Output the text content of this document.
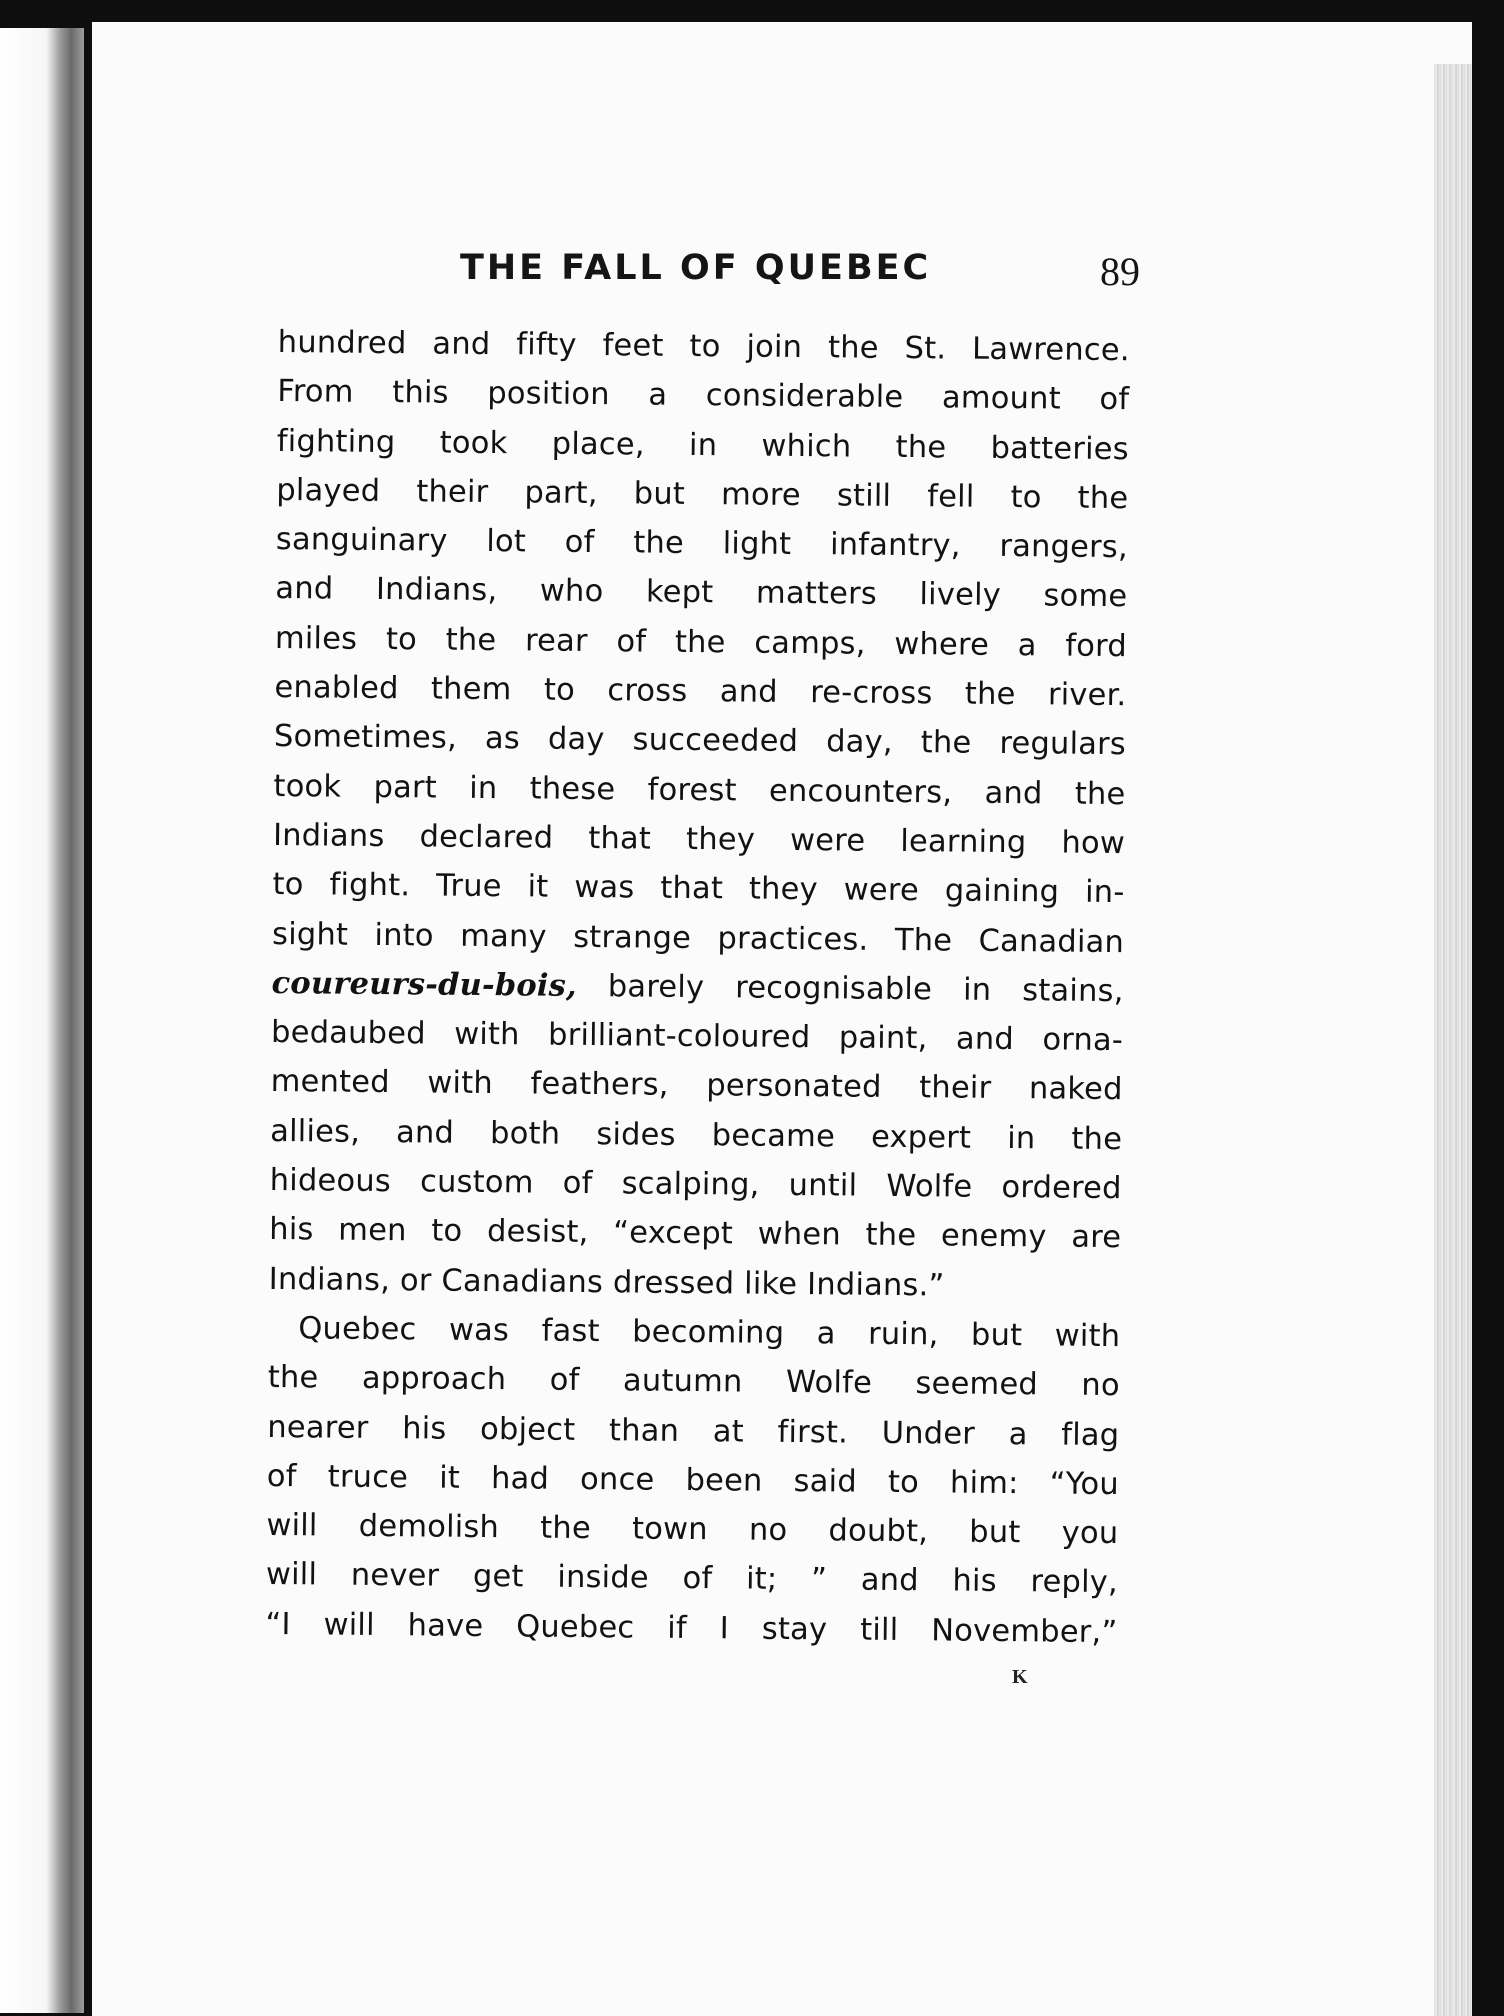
THE FALL OF QUEBEC	89
hundred and fifty feet to join the St. Lawrence.
From this position a considerable amount of
fighting took place, in which the batteries
played their part, but more still fell to the
sanguinary lot of the light infantry, rangers,
and Indians, who kept matters lively some
miles to the rear of the camps, where a ford
enabled them to cross and re-cross the river.
Sometimes, as day succeeded day, the regulars
took part in these forest encounters, and the
Indians declared that they were learning how
to fight. True it was that they were gaining in-
sight into many strange practices. The Canadian
coureurs-du-bois, barely recognisable in stains,
bedaubed with brilliant-coloured paint, and orna-
mented with feathers, personated their naked
allies, and both sides became expert in the
hideous custom of scalping, until Wolfe ordered
his men to desist, “except when the enemy are
Indians, or Canadians dressed like Indians.”
Quebec was fast becoming a ruin, but with
the approach of autumn Wolfe seemed no
nearer his object than at first. Under a flag
of truce it had once been said to him: “You
will demolish the town no doubt, but you
will never get inside of it; ” and his reply,
“I will have Quebec if I stay till November,”
K
